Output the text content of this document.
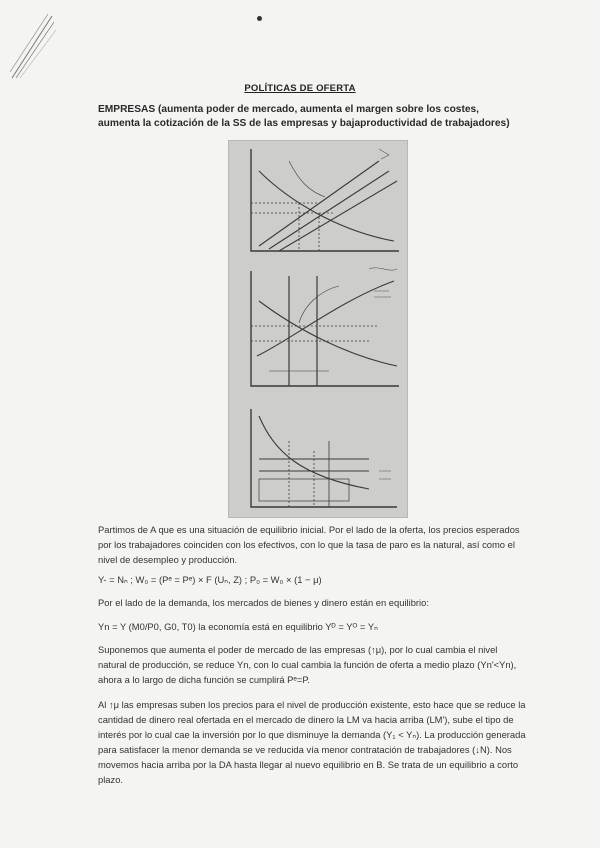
POLÍTICAS DE OFERTA
EMPRESAS (aumenta poder de mercado, aumenta el margen sobre los costes, aumenta la cotización de la SS de las empresas y bajaproductividad de trabajadores)
Partimos de A que es una situación de equilibrio inicial. Por el lado de la oferta, los precios esperados por los trabajadores coinciden con los efectivos, con lo que la tasa de paro es la natural, así como el nivel de desempleo y producción.
Y- = Nₙ ; W₀ = (Pᵉ = Pᵉ) × F (Uₙ, Z) ; P₀ = W₀ × (1 − μ)
Por el lado de la demanda, los mercados de bienes y dinero están en equilibrio:
Yn = Y (M0/P0, G0, T0) la economía está en equilibrio Yᴰ = Yᴼ = Yₙ
Suponemos que aumenta el poder de mercado de las empresas (↑μ), por lo cual cambia el nivel natural de producción, se reduce Yn, con lo cual cambia la función de oferta a medio plazo (Yn'<Yn), ahora a lo largo de dicha función se cumplirá Pᵉ=P.
Al ↑μ las empresas suben los precios para el nivel de producción existente, esto hace que se reduce la cantidad de dinero real ofertada en el mercado de dinero la LM va hacia arriba (LM'), sube el tipo de interés por lo cual cae la inversión por lo que disminuye la demanda (Y₁ < Yₙ). La producción generada para satisfacer la menor demanda se ve reducida vía menor contratación de trabajadores (↓N). Nos movemos hacia arriba por la DA hasta llegar al nuevo equilibrio en B. Se trata de un equilibrio a corto plazo.
